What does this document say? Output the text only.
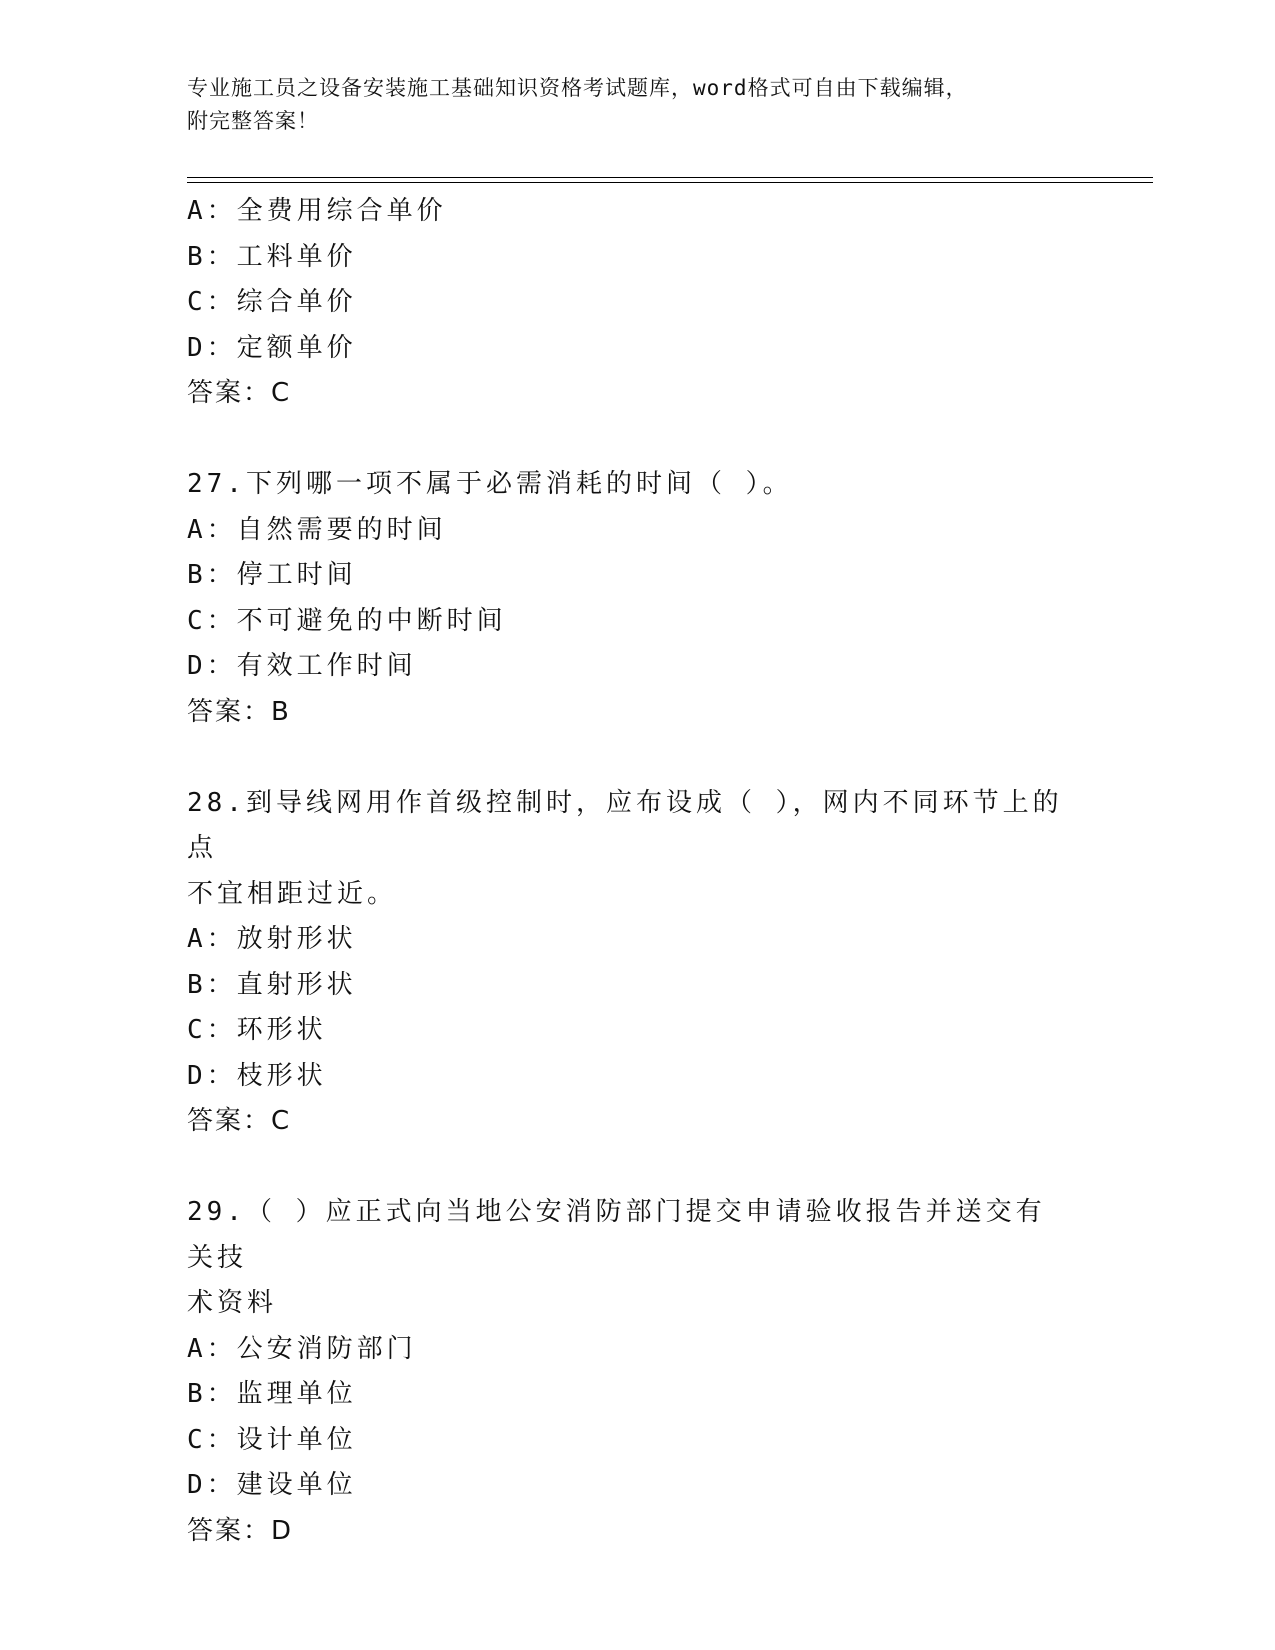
专业施工员之设备安装施工基础知识资格考试题库，word格式可自由下载编辑，
附完整答案！
A：全费用综合单价
B：工料单价
C：综合单价
D：定额单价
答案：C
27.下列哪一项不属于必需消耗的时间（ ）。
A：自然需要的时间
B：停工时间
C：不可避免的中断时间
D：有效工作时间
答案：B
28.到导线网用作首级控制时，应布设成（ ），网内不同环节上的点
不宜相距过近。
A：放射形状
B：直射形状
C：环形状
D：枝形状
答案：C
29.（ ）应正式向当地公安消防部门提交申请验收报告并送交有关技
术资料
A：公安消防部门
B：监理单位
C：设计单位
D：建设单位
答案：D
